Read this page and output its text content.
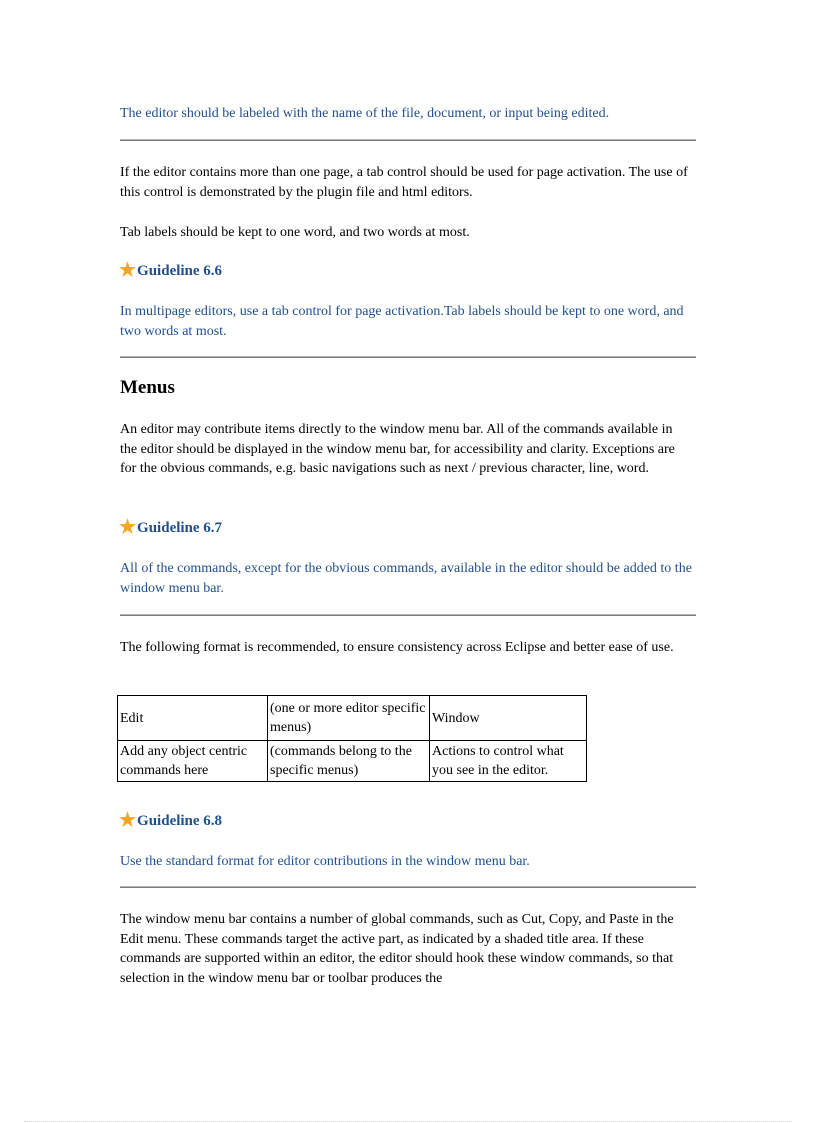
The editor should be labeled with the name of the file, document, or input being edited.
If the editor contains more than one page, a tab control should be used for page activation. The use of this control is demonstrated by the plugin file and html editors.
Tab labels should be kept to one word, and two words at most.
★Guideline 6.6
In multipage editors, use a tab control for page activation.Tab labels should be kept to one word, and two words at most.
Menus
An editor may contribute items directly to the window menu bar. All of the commands available in the editor should be displayed in the window menu bar, for accessibility and clarity. Exceptions are for the obvious commands, e.g. basic navigations such as next / previous character, line, word.
★Guideline 6.7
All of the commands, except for the obvious commands, available in the editor should be added to the window menu bar.
The following format is recommended, to ensure consistency across Eclipse and better ease of use.
Edit	(one or more editor specific menus)	Window
Add any object centric commands here	(commands belong to the specific menus)	Actions to control what you see in the editor.
★Guideline 6.8
Use the standard format for editor contributions in the window menu bar.
The window menu bar contains a number of global commands, such as Cut, Copy, and Paste in the Edit menu. These commands target the active part, as indicated by a shaded title area. If these commands are supported within an editor, the editor should hook these window commands, so that selection in the window menu bar or toolbar produces the
